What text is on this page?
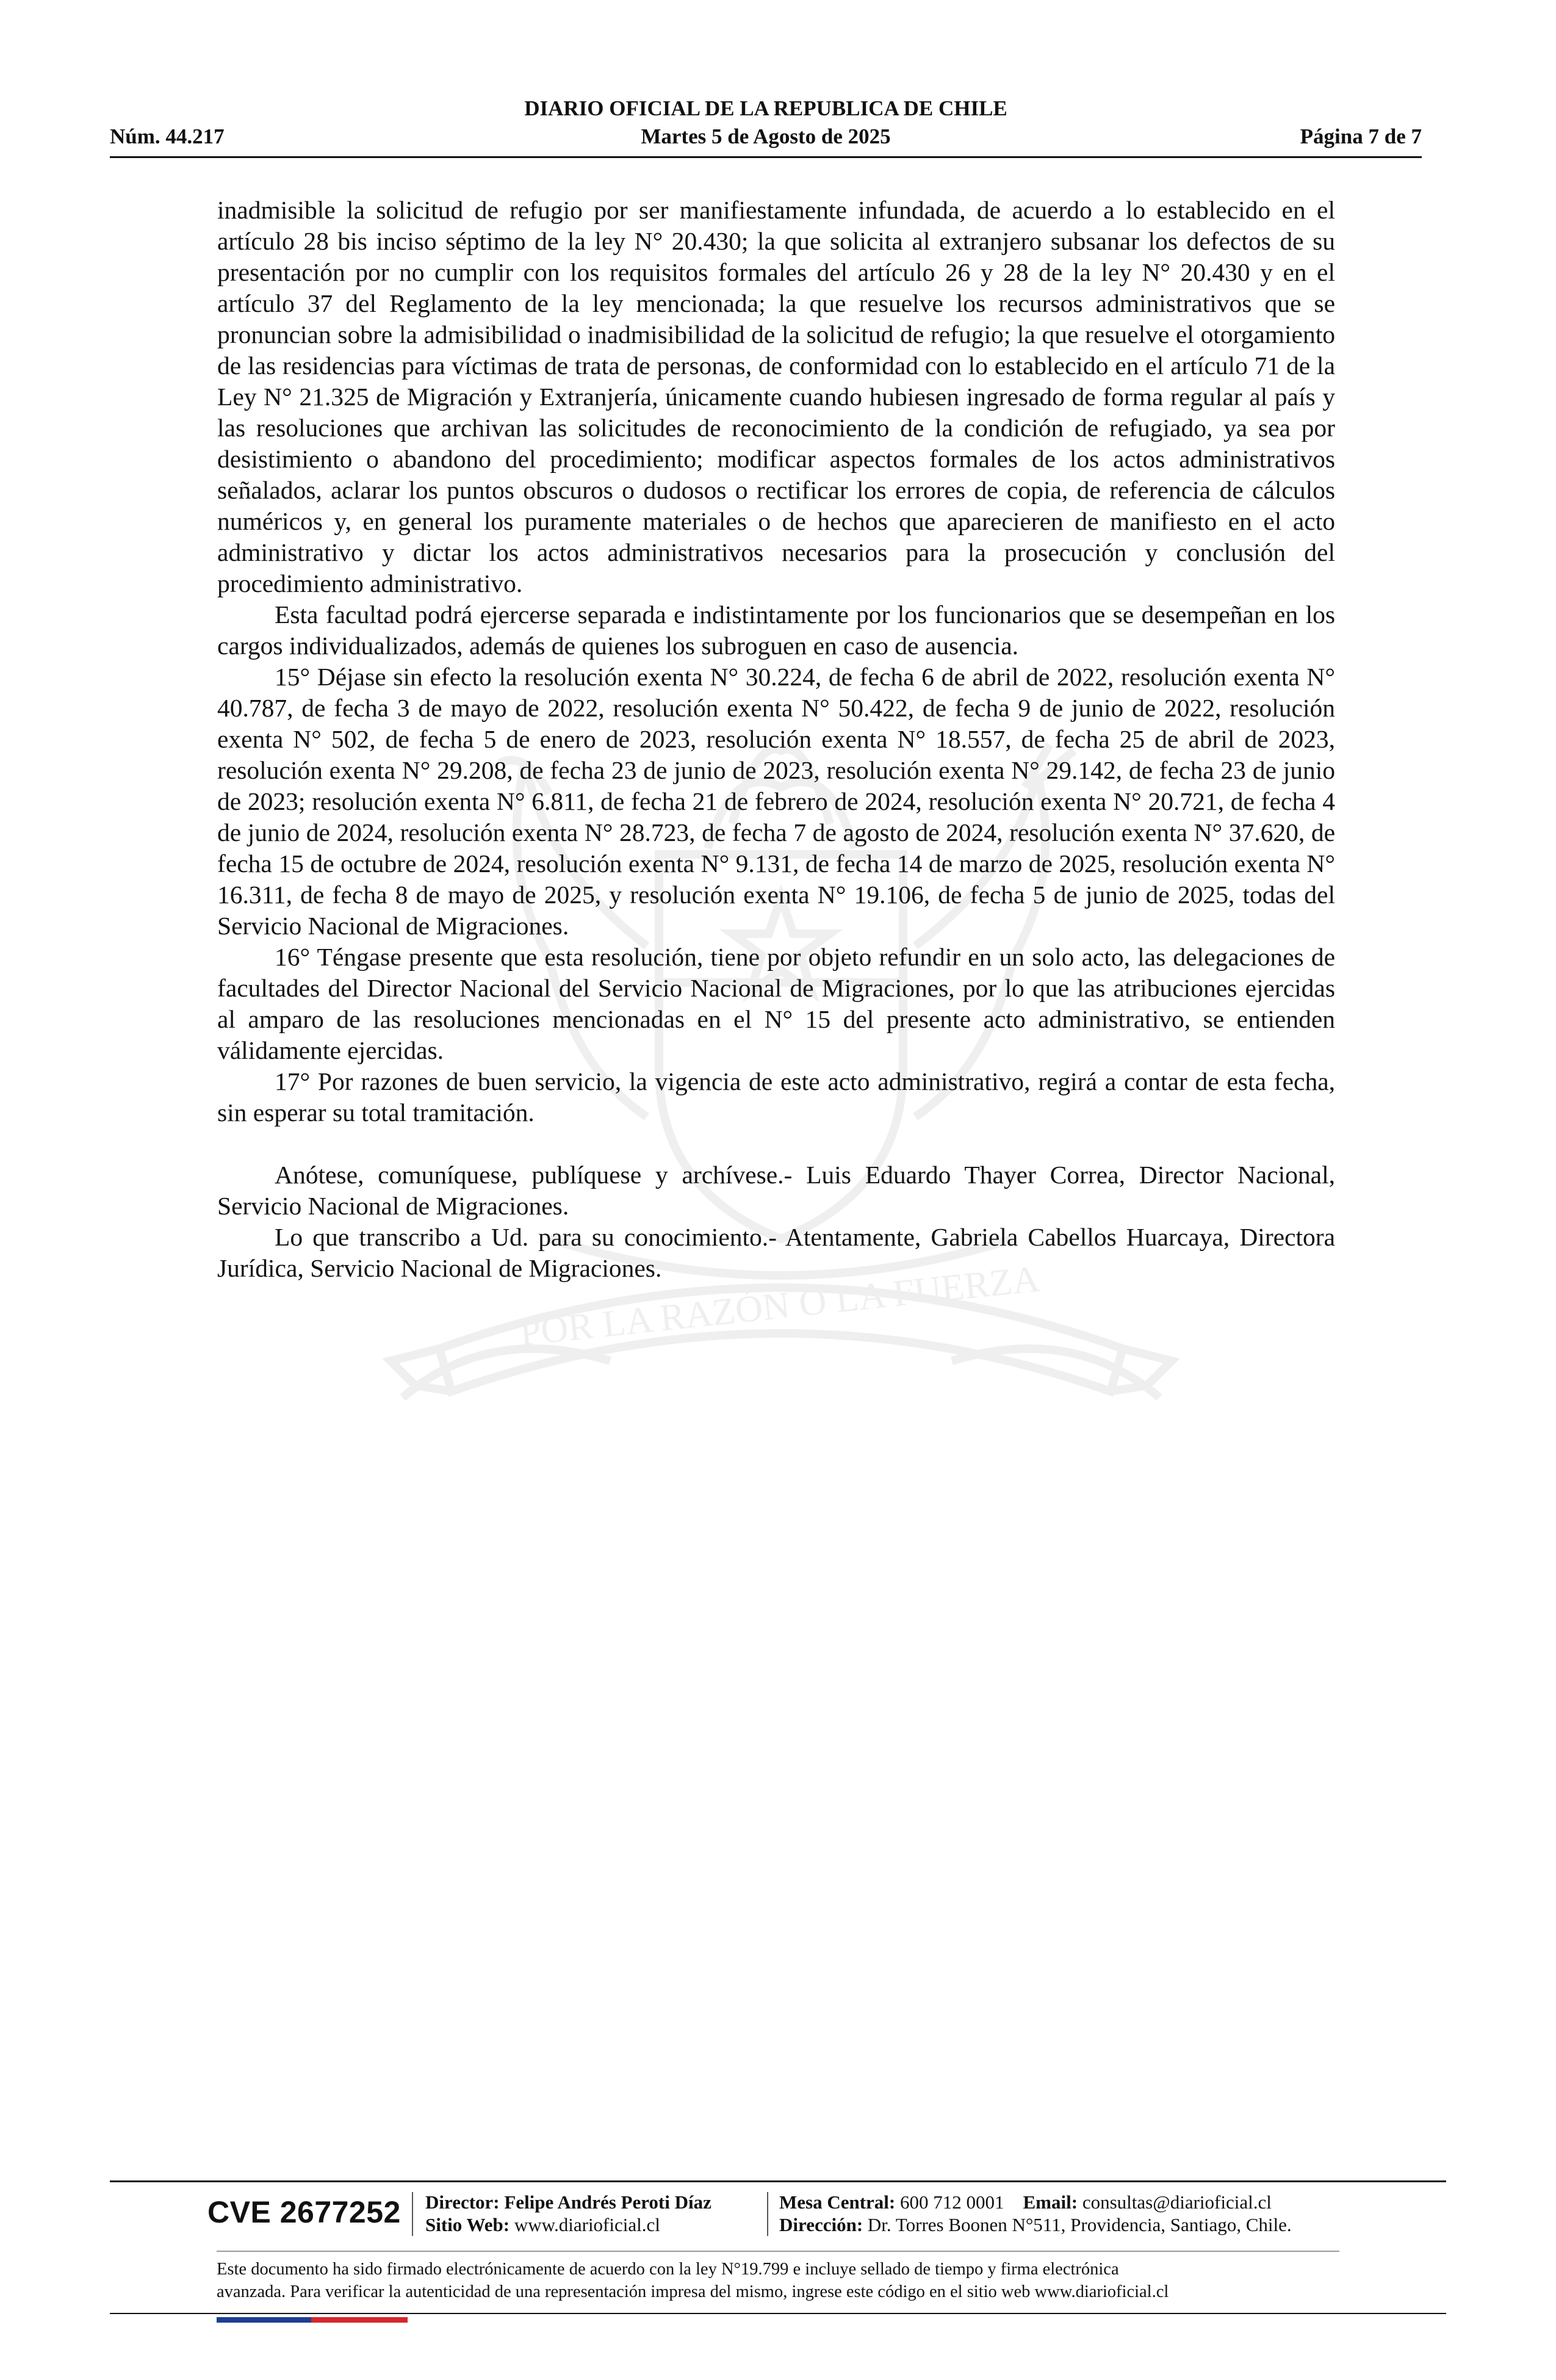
DIARIO OFICIAL DE LA REPUBLICA DE CHILE
Núm. 44.217	Martes 5 de Agosto de 2025	Página 7 de 7
POR LA RAZÓN O LA FUERZA

inadmisible la solicitud de refugio por ser manifiestamente infundada, de acuerdo a lo establecido en el artículo 28 bis inciso séptimo de la ley N° 20.430; la que solicita al extranjero subsanar los defectos de su presentación por no cumplir con los requisitos formales del artículo 26 y 28 de la ley N° 20.430 y en el artículo 37 del Reglamento de la ley mencionada; la que resuelve los recursos administrativos que se pronuncian sobre la admisibilidad o inadmisibilidad de la solicitud de refugio; la que resuelve el otorgamiento de las residencias para víctimas de trata de personas, de conformidad con lo establecido en el artículo 71 de la Ley N° 21.325 de Migración y Extranjería, únicamente cuando hubiesen ingresado de forma regular al país y las resoluciones que archivan las solicitudes de reconocimiento de la condición de refugiado, ya sea por desistimiento o abandono del procedimiento; modificar aspectos formales de los actos administrativos señalados, aclarar los puntos obscuros o dudosos o rectificar los errores de copia, de referencia de cálculos numéricos y, en general los puramente materiales o de hechos que aparecieren de manifiesto en el acto administrativo y dictar los actos administrativos necesarios para la prosecución y conclusión del procedimiento administrativo.

Esta facultad podrá ejercerse separada e indistintamente por los funcionarios que se desempeñan en los cargos individualizados, además de quienes los subroguen en caso de ausencia.

15° Déjase sin efecto la resolución exenta N° 30.224, de fecha 6 de abril de 2022, resolución exenta N° 40.787, de fecha 3 de mayo de 2022, resolución exenta N° 50.422, de fecha 9 de junio de 2022, resolución exenta N° 502, de fecha 5 de enero de 2023, resolución exenta N° 18.557, de fecha 25 de abril de 2023, resolución exenta N° 29.208, de fecha 23 de junio de 2023, resolución exenta N° 29.142, de fecha 23 de junio de 2023; resolución exenta N° 6.811, de fecha 21 de febrero de 2024, resolución exenta N° 20.721, de fecha 4 de junio de 2024, resolución exenta N° 28.723, de fecha 7 de agosto de 2024, resolución exenta N° 37.620, de fecha 15 de octubre de 2024, resolución exenta N° 9.131, de fecha 14 de marzo de 2025, resolución exenta N° 16.311, de fecha 8 de mayo de 2025, y resolución exenta N° 19.106, de fecha 5 de junio de 2025, todas del Servicio Nacional de Migraciones.

16° Téngase presente que esta resolución, tiene por objeto refundir en un solo acto, las delegaciones de facultades del Director Nacional del Servicio Nacional de Migraciones, por lo que las atribuciones ejercidas al amparo de las resoluciones mencionadas en el N° 15 del presente acto administrativo, se entienden válidamente ejercidas.

17° Por razones de buen servicio, la vigencia de este acto administrativo, regirá a contar de esta fecha, sin esperar su total tramitación.

Anótese, comuníquese, publíquese y archívese.- Luis Eduardo Thayer Correa, Director Nacional, Servicio Nacional de Migraciones.

Lo que transcribo a Ud. para su conocimiento.- Atentamente, Gabriela Cabellos Huarcaya, Directora Jurídica, Servicio Nacional de Migraciones.

CVE 2677252 Director: Felipe Andrés Peroti Díaz
Sitio Web: www.diarioficial.cl
Mesa Central: 600 712 0001 Email: consultas@diarioficial.cl
Dirección: Dr. Torres Boonen N°511, Providencia, Santiago, Chile.

Este documento ha sido firmado electrónicamente de acuerdo con la ley N°19.799 e incluye sellado de tiempo y firma electrónica

avanzada. Para verificar la autenticidad de una representación impresa del mismo, ingrese este código en el sitio web www.diarioficial.cl
